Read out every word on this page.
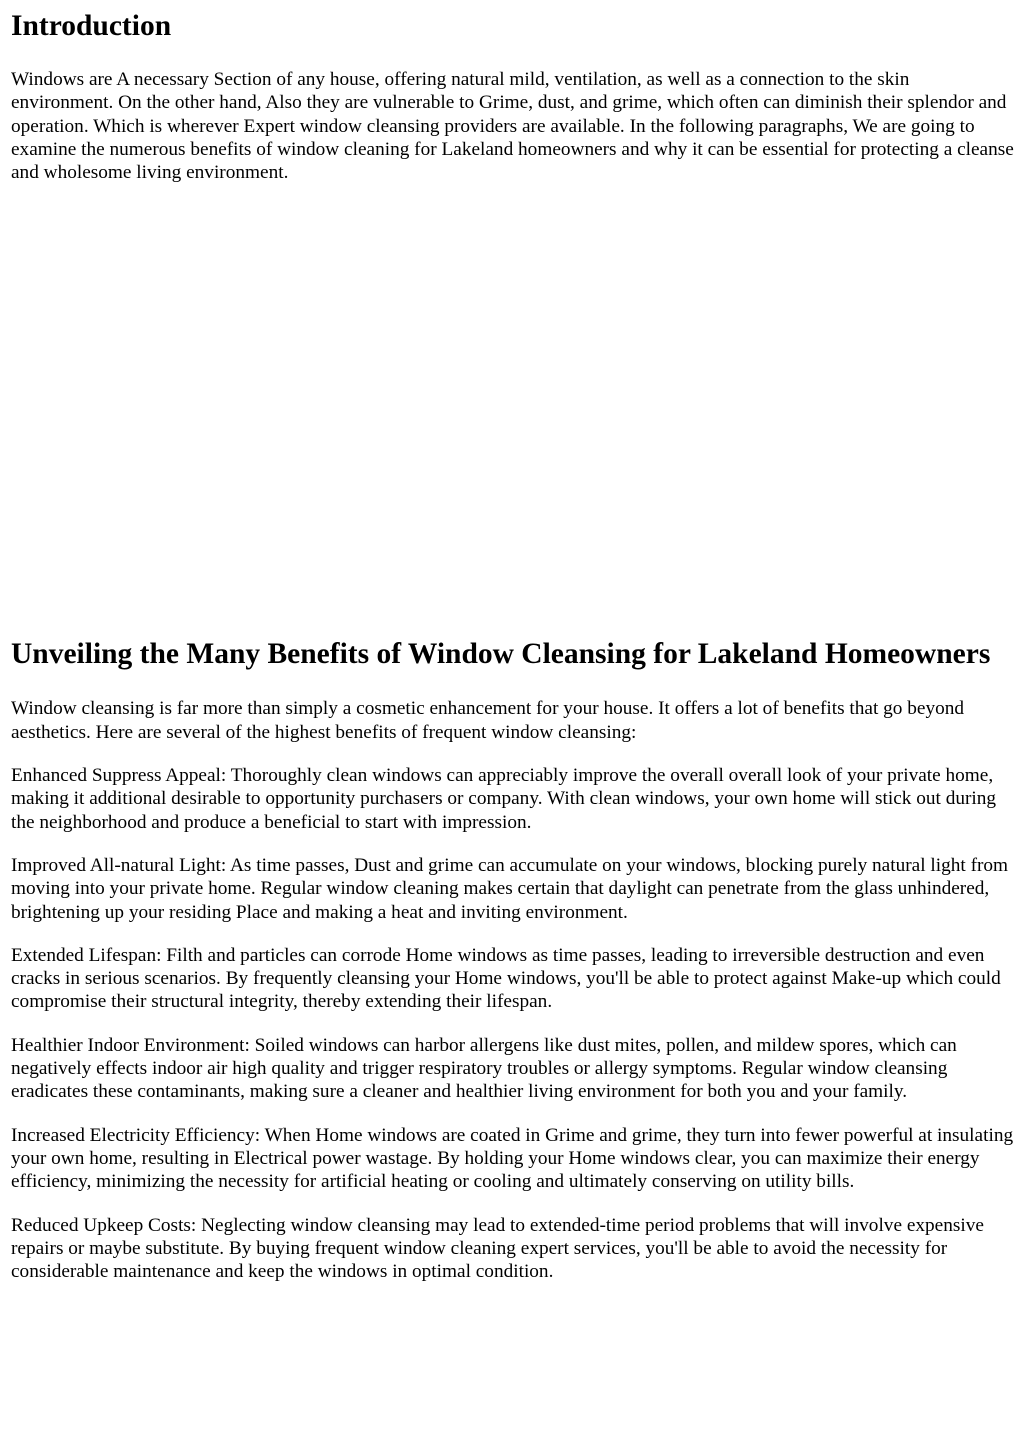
Introduction

Windows are A necessary Section of any house, offering natural mild, ventilation, as well as a connection to the skin environment. On the other hand, Also they are vulnerable to Grime, dust, and grime, which often can diminish their splendor and operation. Which is wherever Expert window cleansing providers are available. In the following paragraphs, We are going to examine the numerous benefits of window cleaning for Lakeland homeowners and why it can be essential for protecting a cleanse and wholesome living environment.

Unveiling the Many Benefits of Window Cleansing for Lakeland Homeowners

Window cleansing is far more than simply a cosmetic enhancement for your house. It offers a lot of benefits that go beyond aesthetics. Here are several of the highest benefits of frequent window cleansing:

Enhanced Suppress Appeal: Thoroughly clean windows can appreciably improve the overall overall look of your private home, making it additional desirable to opportunity purchasers or company. With clean windows, your own home will stick out during the neighborhood and produce a beneficial to start with impression.

Improved All-natural Light: As time passes, Dust and grime can accumulate on your windows, blocking purely natural light from moving into your private home. Regular window cleaning makes certain that daylight can penetrate from the glass unhindered, brightening up your residing Place and making a heat and inviting environment.

Extended Lifespan: Filth and particles can corrode Home windows as time passes, leading to irreversible destruction and even cracks in serious scenarios. By frequently cleansing your Home windows, you'll be able to protect against Make-up which could compromise their structural integrity, thereby extending their lifespan.

Healthier Indoor Environment: Soiled windows can harbor allergens like dust mites, pollen, and mildew spores, which can negatively effects indoor air high quality and trigger respiratory troubles or allergy symptoms. Regular window cleansing eradicates these contaminants, making sure a cleaner and healthier living environment for both you and your family.

Increased Electricity Efficiency: When Home windows are coated in Grime and grime, they turn into fewer powerful at insulating your own home, resulting in Electrical power wastage. By holding your Home windows clear, you can maximize their energy efficiency, minimizing the necessity for artificial heating or cooling and ultimately conserving on utility bills.

Reduced Upkeep Costs: Neglecting window cleansing may lead to extended-time period problems that will involve expensive repairs or maybe substitute. By buying frequent window cleaning expert services, you'll be able to avoid the necessity for considerable maintenance and keep the windows in optimal condition.
